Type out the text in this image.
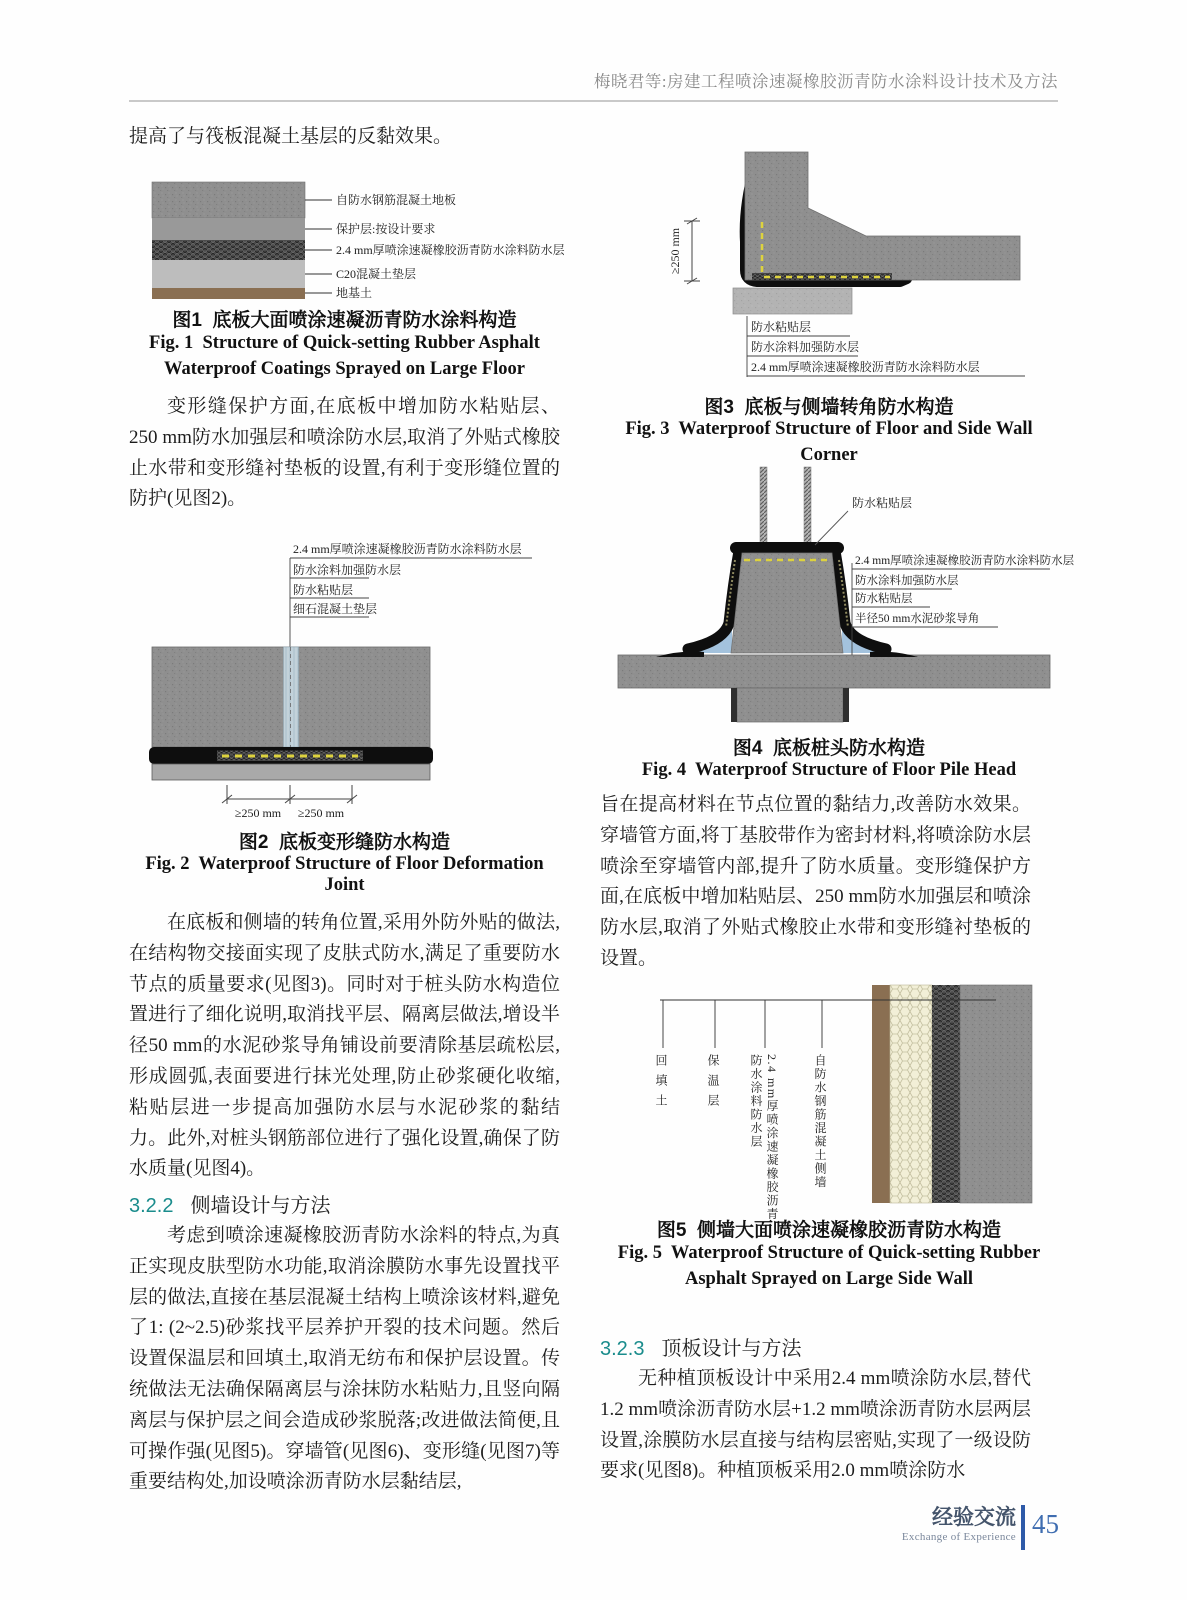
梅晓君等:房建工程喷涂速凝橡胶沥青防水涂料设计技术及方法
提高了与筏板混凝土基层的反黏效果。
自防水钢筋混凝土地板
保护层:按设计要求
2.4 mm厚喷涂速凝橡胶沥青防水涂料防水层
C20混凝土垫层
地基土
图1  底板大面喷涂速凝沥青防水涂料构造
Fig. 1  Structure of Quick-setting Rubber Asphalt
Waterproof Coatings Sprayed on Large Floor
变形缝保护方面,在底板中增加防水粘贴层、250 mm防水加强层和喷涂防水层,取消了外贴式橡胶止水带和变形缝衬垫板的设置,有利于变形缝位置的防护(见图2)。
2.4 mm厚喷涂速凝橡胶沥青防水涂料防水层
防水涂料加强防水层
防水粘贴层
细石混凝土垫层
≥250 mm ≥250 mm
图2  底板变形缝防水构造
Fig. 2  Waterproof Structure of Floor Deformation Joint
在底板和侧墙的转角位置,采用外防外贴的做法,在结构物交接面实现了皮肤式防水,满足了重要防水节点的质量要求(见图3)。同时对于桩头防水构造位置进行了细化说明,取消找平层、隔离层做法,增设半径50 mm的水泥砂浆导角铺设前要清除基层疏松层,形成圆弧,表面要进行抹光处理,防止砂浆硬化收缩,粘贴层进一步提高加强防水层与水泥砂浆的黏结力。此外,对桩头钢筋部位进行了强化设置,确保了防水质量(见图4)。
3.2.2 侧墙设计与方法
考虑到喷涂速凝橡胶沥青防水涂料的特点,为真正实现皮肤型防水功能,取消涂膜防水事先设置找平层的做法,直接在基层混凝土结构上喷涂该材料,避免了1: (2~2.5)砂浆找平层养护开裂的技术问题。然后设置保温层和回填土,取消无纺布和保护层设置。传统做法无法确保隔离层与涂抹防水粘贴力,且竖向隔离层与保护层之间会造成砂浆脱落;改进做法简便,且可操作强(见图5)。穿墙管(见图6)、变形缝(见图7)等重要结构处,加设喷涂沥青防水层黏结层,
≥250 mm
防水粘贴层
防水涂料加强防水层
2.4 mm厚喷涂速凝橡胶沥青防水涂料防水层
图3  底板与侧墙转角防水构造
Fig. 3  Waterproof Structure of Floor and Side Wall
Corner
防水粘贴层
2.4 mm厚喷涂速凝橡胶沥青防水涂料防水层
防水涂料加强防水层
防水粘贴层
半径50 mm水泥砂浆导角
图4  底板桩头防水构造
Fig. 4  Waterproof Structure of Floor Pile Head
旨在提高材料在节点位置的黏结力,改善防水效果。穿墙管方面,将丁基胶带作为密封材料,将喷涂防水层喷涂至穿墙管内部,提升了防水质量。变形缝保护方面,在底板中增加粘贴层、250 mm防水加强层和喷涂防水层,取消了外贴式橡胶止水带和变形缝衬垫板的设置。
回填土	保温层	2.4 mm厚喷涂速凝橡胶沥青防水涂料防水层	自防水钢筋混凝土侧墙
图5  侧墙大面喷涂速凝橡胶沥青防水构造
Fig. 5  Waterproof Structure of Quick-setting Rubber
Asphalt Sprayed on Large Side Wall
3.2.3 顶板设计与方法
无种植顶板设计中采用2.4 mm喷涂防水层,替代1.2 mm喷涂沥青防水层+1.2 mm喷涂沥青防水层两层设置,涂膜防水层直接与结构层密贴,实现了一级设防要求(见图8)。种植顶板采用2.0 mm喷涂防水
经验交流
Exchange of Experience 45
